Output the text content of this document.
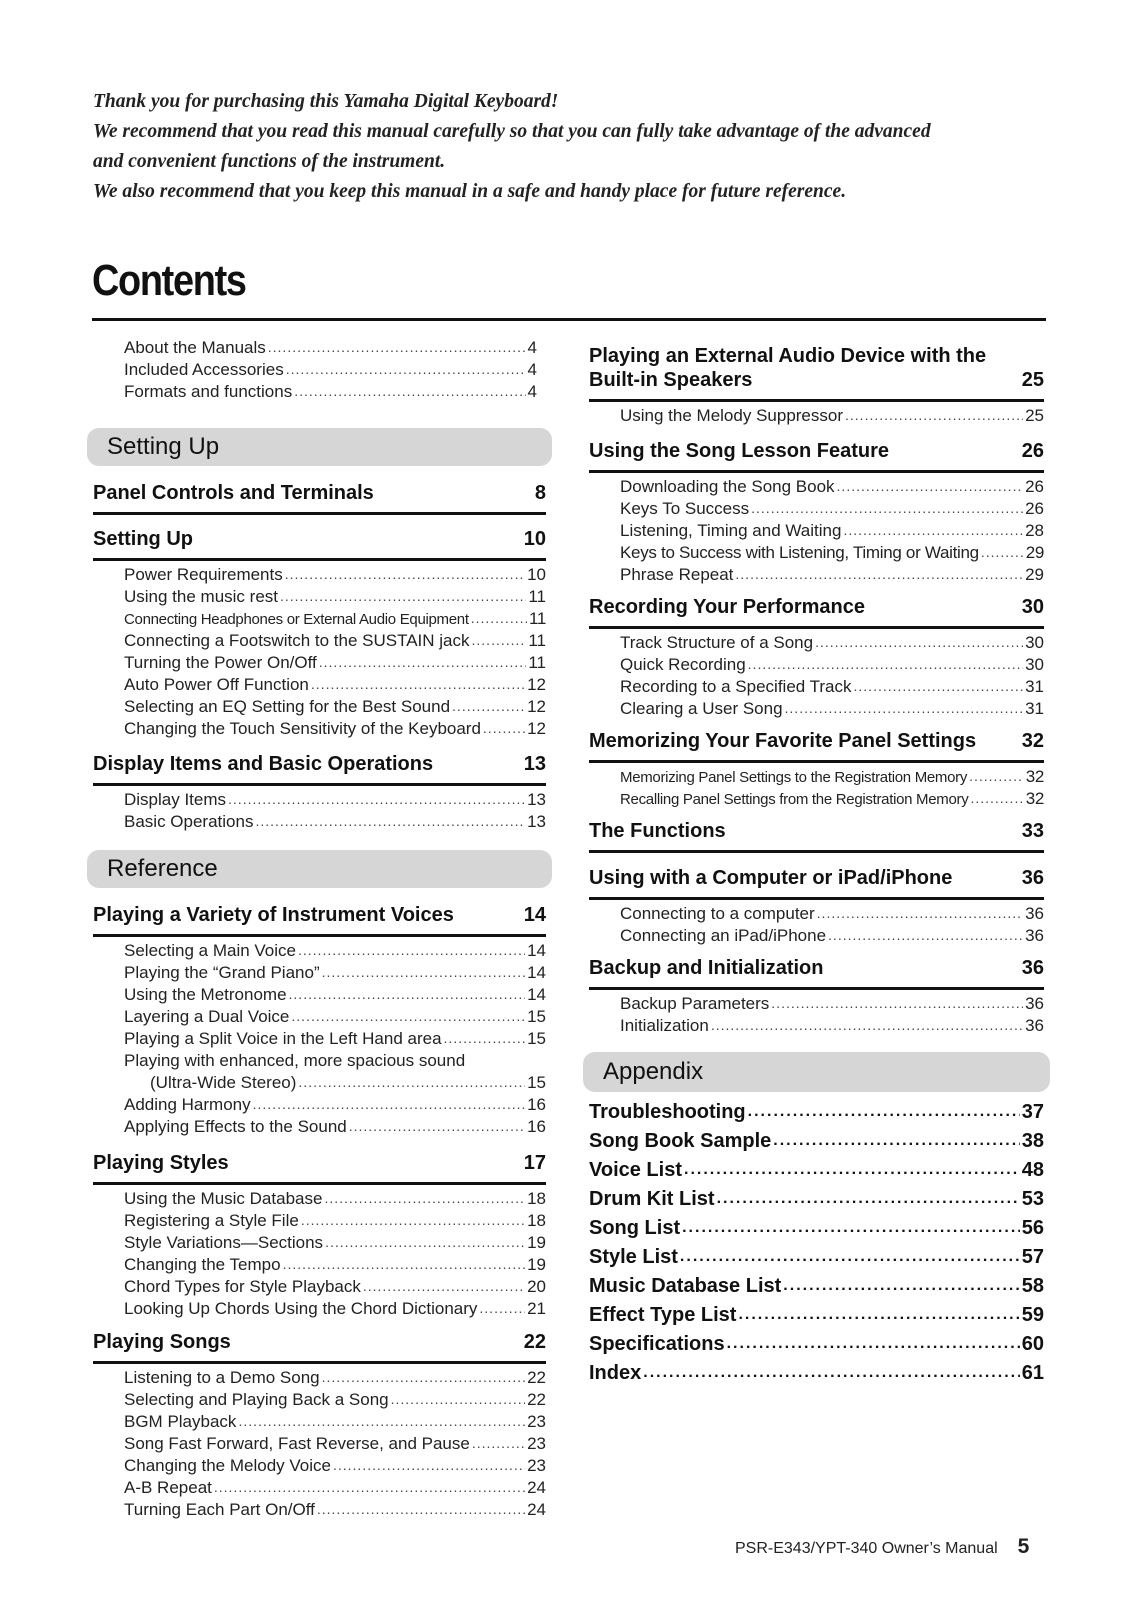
Thank you for purchasing this Yamaha Digital Keyboard!
We recommend that you read this manual carefully so that you can fully take advantage of the advanced
and convenient functions of the instrument.
We also recommend that you keep this manual in a safe and handy place for future reference.
Contents
About the Manuals .....	4
Included Accessories .....	4
Formats and functions .....	4
Setting Up
Panel Controls and Terminals	8
Setting Up	10
Power Requirements .....	10
Using the music rest .....	11
Connecting Headphones or External Audio Equipment .....	11
Connecting a Footswitch to the SUSTAIN jack .....	11
Turning the Power On/Off .....	11
Auto Power Off Function .....	12
Selecting an EQ Setting for the Best Sound .....	12
Changing the Touch Sensitivity of the Keyboard .....	12
Display Items and Basic Operations	13
Display Items .....	13
Basic Operations .....	13
Reference
Playing a Variety of Instrument Voices	14
Selecting a Main Voice .....	14
Playing the “Grand Piano” .....	14
Using the Metronome .....	14
Layering a Dual Voice .....	15
Playing a Split Voice in the Left Hand area .....	15
Playing with enhanced, more spacious sound
(Ultra-Wide Stereo) .....	15
Adding Harmony .....	16
Applying Effects to the Sound .....	16
Playing Styles	17
Using the Music Database .....	18
Registering a Style File .....	18
Style Variations—Sections .....	19
Changing the Tempo .....	19
Chord Types for Style Playback .....	20
Looking Up Chords Using the Chord Dictionary .....	21
Playing Songs	22
Listening to a Demo Song .....	22
Selecting and Playing Back a Song .....	22
BGM Playback .....	23
Song Fast Forward, Fast Reverse, and Pause .....	23
Changing the Melody Voice .....	23
A-B Repeat .....	24
Turning Each Part On/Off .....	24
Playing an External Audio Device with the
Built-in Speakers	25
Using the Melody Suppressor .....	25
Using the Song Lesson Feature	26
Downloading the Song Book .....	26
Keys To Success .....	26
Listening, Timing and Waiting .....	28
Keys to Success with Listening, Timing or Waiting .....	29
Phrase Repeat .....	29
Recording Your Performance	30
Track Structure of a Song .....	30
Quick Recording .....	30
Recording to a Specified Track .....	31
Clearing a User Song .....	31
Memorizing Your Favorite Panel Settings 32
Memorizing Panel Settings to the Registration Memory .....	32
Recalling Panel Settings from the Registration Memory .....	32
The Functions	33
Using with a Computer or iPad/iPhone	36
Connecting to a computer .....	36
Connecting an iPad/iPhone .....	36
Backup and Initialization	36
Backup Parameters .....	36
Initialization .....	36
Appendix
Troubleshooting .....	37
Song Book Sample .....	38
Voice List .....	48
Drum Kit List .....	53
Song List .....	56
Style List .....	57
Music Database List .....	58
Effect Type List .....	59
Specifications .....	60
Index .....	61
PSR-E343/YPT-340 Owner’s Manual 5
